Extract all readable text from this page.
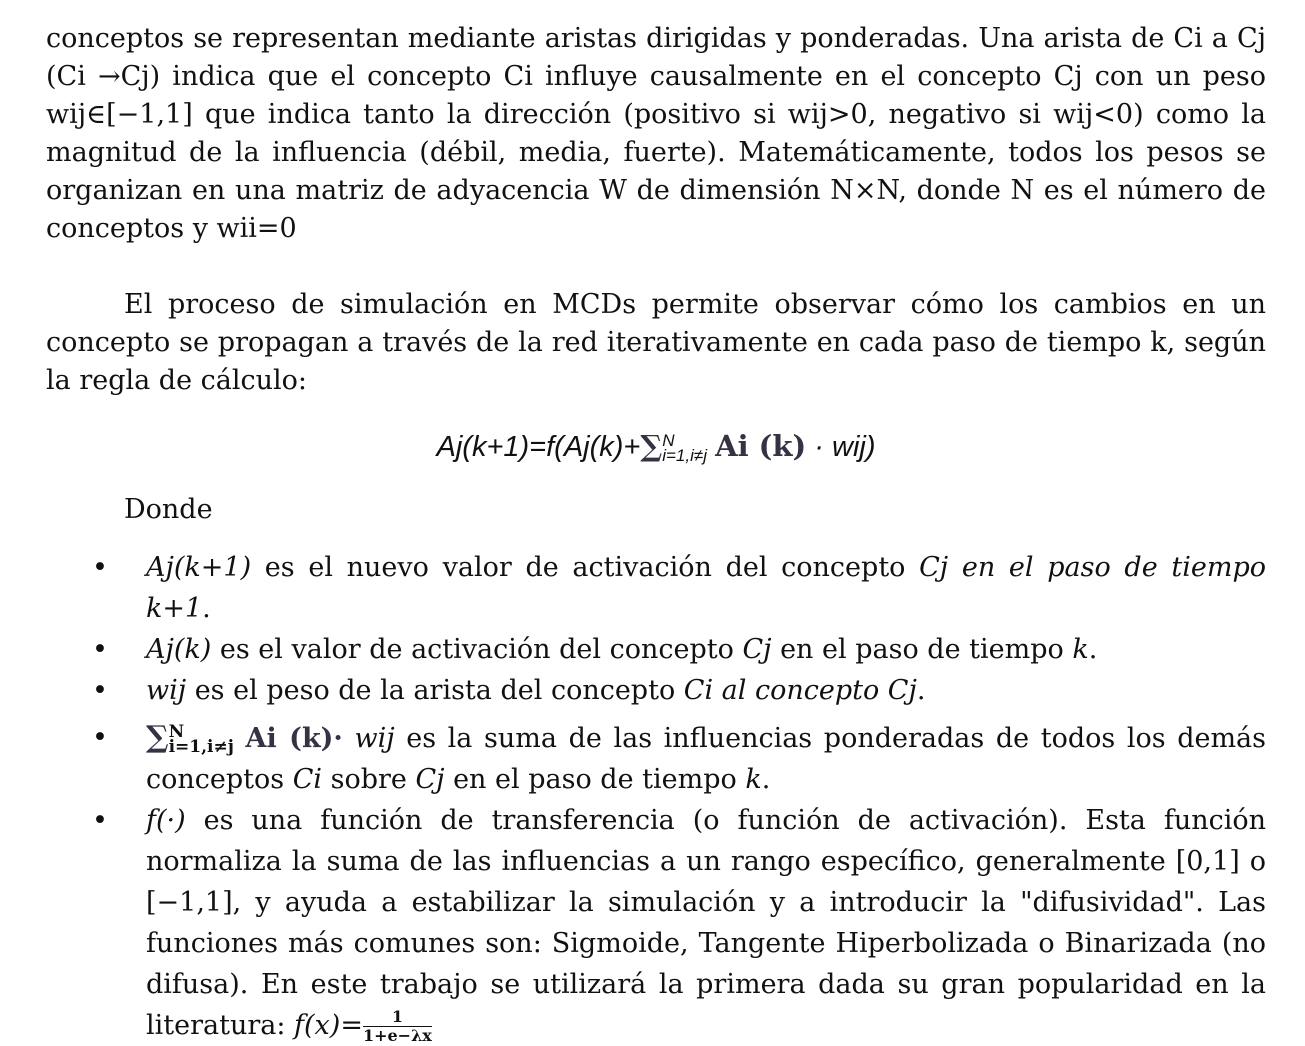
conceptos se representan mediante aristas dirigidas y ponderadas. Una arista de Ci a Cj (Ci →Cj) indica que el concepto Ci influye causalmente en el concepto Cj con un peso wij∈[−1,1] que indica tanto la dirección (positivo si wij>0, negativo si wij<0) como la magnitud de la influencia (débil, media, fuerte). Matemáticamente, todos los pesos se organizan en una matriz de adyacencia W de dimensión N×N, donde N es el número de conceptos y wii=0

El proceso de simulación en MCDs permite observar cómo los cambios en un concepto se propagan a través de la red iterativamente en cada paso de tiempo k, según la regla de cálculo:

Aj(k+1)=f(Aj(k)+∑ N
i=1,i≠j Ai (k) · wij)
Donde
• Aj(k+1) es el nuevo valor de activación del concepto Cj en el paso de tiempo k+1.
• Aj(k) es el valor de activación del concepto Cj en el paso de tiempo k.
• wij es el peso de la arista del concepto Ci al concepto Cj.
• ∑ N
i=1,i≠j Ai (k)· wij es la suma de las influencias ponderadas de todos los demás conceptos Ci sobre Cj en el paso de tiempo k.
• f(·) es una función de transferencia (o función de activación). Esta función normaliza la suma de las influencias a un rango específico, generalmente [0,1] o [−1,1], y ayuda a estabilizar la simulación y a introducir la "difusividad". Las funciones más comunes son: Sigmoide, Tangente Hiperbolizada o Binarizada (no difusa). En este trabajo se utilizará la primera dada su gran popularidad en la literatura: $f(x)= \frac{1}{1+e-\lambda x}$
